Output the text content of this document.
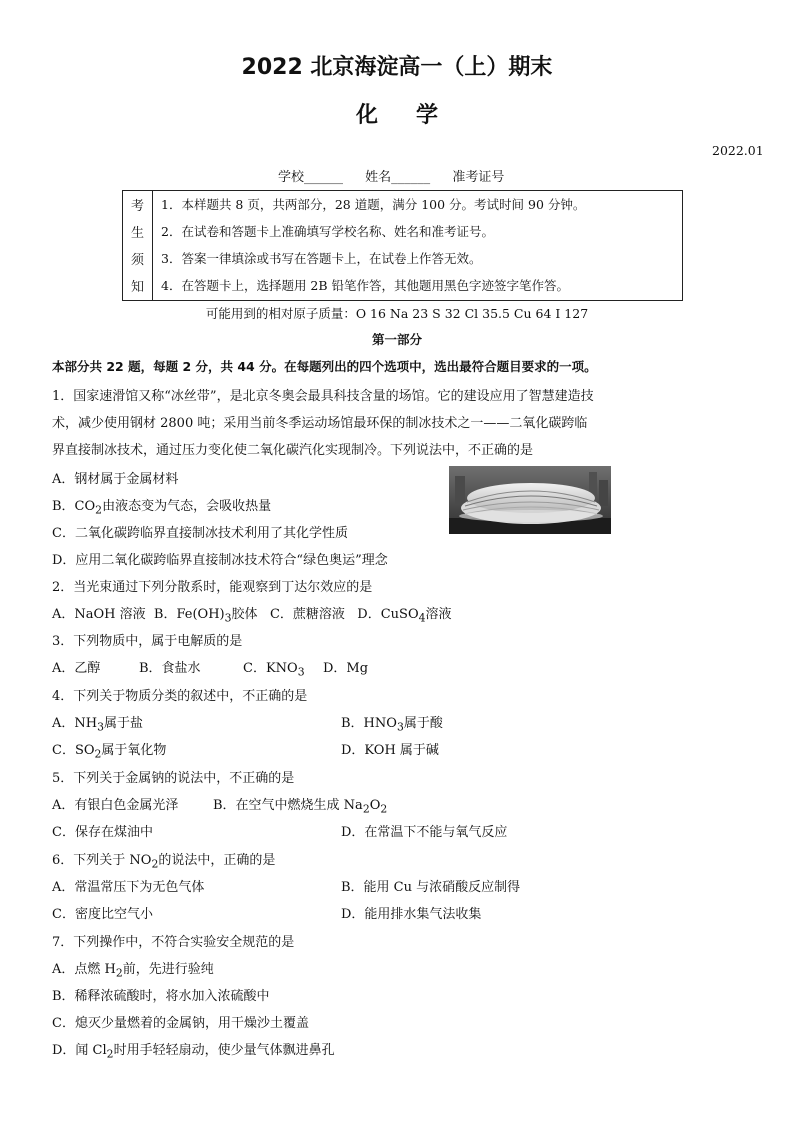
2022 北京海淀高一（上）期末
化学
2022.01
学校______ 姓名______ 准考证号
考
生
须
知
1．本样题共 8 页，共两部分，28 道题，满分 100 分。考试时间 90 分钟。
2．在试卷和答题卡上准确填写学校名称、姓名和准考证号。
3．答案一律填涂或书写在答题卡上，在试卷上作答无效。
4．在答题卡上，选择题用 2B 铅笔作答，其他题用黑色字迹签字笔作答。
可能用到的相对原子质量：O 16 Na 23 S 32 Cl 35.5 Cu 64 I 127
第一部分
本部分共 22 题，每题 2 分，共 44 分。在每题列出的四个选项中，选出最符合题目要求的一项。
1．国家速滑馆又称“冰丝带”，是北京冬奥会最具科技含量的场馆。它的建设应用了智慧建造技
术，减少使用钢材 2800 吨；采用当前冬季运动场馆最环保的制冰技术之一——二氧化碳跨临
界直接制冰技术，通过压力变化使二氧化碳汽化实现制冷。下列说法中，不正确的是
A．钢材属于金属材料
B．$CO_2$由液态变为气态，会吸收热量
C．二氧化碳跨临界直接制冰技术利用了其化学性质
D．应用二氧化碳跨临界直接制冰技术符合“绿色奥运”理念
2．当光束通过下列分散系时，能观察到丁达尔效应的是
A．NaOH 溶液 B．$Fe(OH)_3$胶体 C．蔗糖溶液 D．CuSO$_4$溶液
3．下列物质中，属于电解质的是
A．乙醇	B．食盐水	C．$KNO_3$ D．Mg
4．下列关于物质分类的叙述中，不正确的是
A．$NH_3$属于盐	B．$HNO_3$属于酸
C．$SO_2$属于氧化物	D．KOH 属于碱
5．下列关于金属钠的说法中，不正确的是
A．有银白色金属光泽	B．在空气中燃烧生成 $Na_2O_2$
C．保存在煤油中	D．在常温下不能与氧气反应
6．下列关于 $NO_2$的说法中，正确的是
A．常温常压下为无色气体	B．能用 Cu 与浓硝酸反应制得
C．密度比空气小	D．能用排水集气法收集
7．下列操作中，不符合实验安全规范的是
A．点燃 $H_2$前，先进行验纯
B．稀释浓硫酸时，将水加入浓硫酸中
C．熄灭少量燃着的金属钠，用干燥沙土覆盖
D．闻 $Cl_2$时用手轻轻扇动，使少量气体飘进鼻孔
